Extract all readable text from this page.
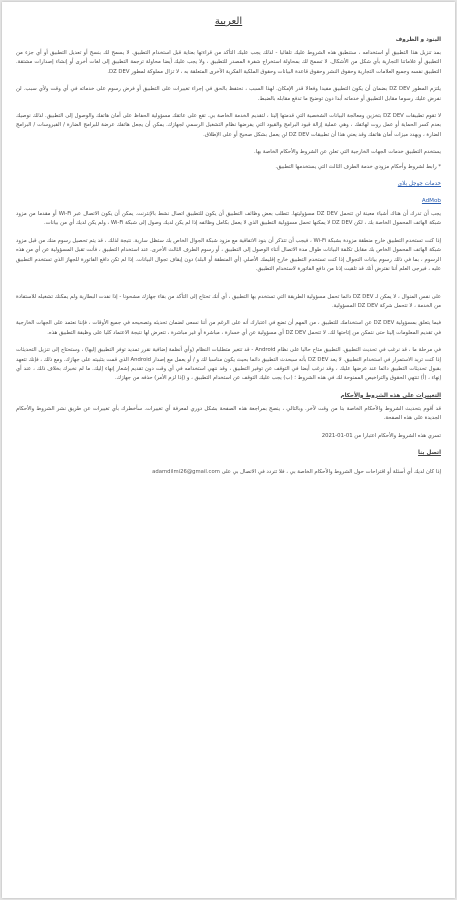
العربية
البنود و الظروف

بمد تنزيل هذا التطبيق أو استخدامه ، ستنطبق هذه الشروط عليك تلقائيا - لذلك يجب عليك التأكد من قراءتها بعناية قبل استخدام التطبيق. لا يسمح لك بنسخ أو تعديل التطبيق أو أي جزء من التطبيق أو علاماتنا التجارية بأي شكل من الأشكال. لا تسمح لك بمحاولة استخراج شفرة المصدر للتطبيق ، ولا يجب عليك أيضا محاولة ترجمة التطبيق إلى لغات أخرى أو إنشاء إصدارات مشتقة. التطبيق نفسه وجميع العلامات التجارية وحقوق النشر وحقوق قاعدة البيانات وحقوق الملكية الفكرية الأخرى المتعلقة به ، لا تزال مملوكة لمطور DZ DEV.

يلتزم المطور DZ DEV بضمان أن يكون التطبيق مفيدا وفعالا قدر الإمكان. لهذا السبب ، نحتفظ بالحق في إجراء تغييرات على التطبيق أو فرض رسوم على خدماته في أي وقت ولأي سبب. لن نفرض عليك رسوما مقابل التطبيق أو خدماته أبدا دون توضيح ما تدفع مقابله بالضبط.

لا تقوم تطبيقات DZ DEV بتخزين ومعالجة البيانات الشخصية التي قدمتها إلينا ، لتقديم الخدمة الخاصة بي. تقع على عاتقك مسؤولية الحفاظ على أمان هاتفك والوصول إلى التطبيق. لذلك نوصيك بعدم كسر الحماية أو عمل روت لهاتفك ، وهي عملية إزالة قيود البرامج والقيود التي يفرضها نظام التشغيل الرسمي لجهازك. يمكن أن يجعل هاتفك عرضة للبرامج الضارة / الفيروسات / البرامج الضارة ، ويهدد ميزات أمان هاتفك وقد يعني هذا أن تطبيقات DZ DEV لن يعمل بشكل صحيح أو على الإطلاق.

يستخدم التطبيق خدمات الجهات الخارجية التي تعلن عن الشروط والأحكام الخاصة بها.

* رابط لشروط وأحكام مزودي خدمة الطرف الثالث التي يستخدمها التطبيق.
خدمات جوجل بلاي
AdMob

يجب أن تدرك أن هناك أشياء معينة لن تتحمل DZ DEV مسؤوليتها. تتطلب بعض وظائف التطبيق أن يكون للتطبيق اتصال نشط بالإنترنت. يمكن أن يكون الاتصال عبر Wi-Fi أو مقدما من مزود شبكة الهاتف المحمول الخاصة بك ، لكن DZ DEV لا يمكنها تحمل مسؤولية التطبيق الذي لا يعمل بكامل وظائفه إذا لم يكن لديك وصول إلى شبكة Wi-Fi ، ولم يكن لديك أي من بيانات.

إذا كنت تستخدم التطبيق خارج منطقة مزودة بشبكة Wi-Fi ، فيجب أن تتذكر أن بنود الاتفاقية مع مزود شبكة الجوال الخاص بك ستظل سارية. نتيجة لذلك ، قد يتم تحصيل رسوم منك من قبل مزود شبكة الهاتف المحمول الخاص بك مقابل تكلفة البيانات طوال مدة الاتصال أثناء الوصول إلى التطبيق ، أو رسوم الطرف الثالث الأخرى. عند استخدام التطبيق ، فأنت تقبل المسؤولية عن أي من هذه الرسوم ، بما في ذلك رسوم بيانات التجوال إذا كنت تستخدم التطبيق خارج إقليمك الأصلي (أي المنطقة أو البلد) دون إيقاف تجوال البيانات. إذا لم تكن دافع الفاتورة للجهاز الذي تستخدم التطبيق عليه ، فيرجى العلم أننا نفترض أنك قد تلقيت إذنا من دافع الفاتورة لاستخدام التطبيق.

على نفس المنوال ، لا يمكن لـ DZ DEV دائما تحمل مسؤولية الطريقة التي تستخدم بها التطبيق ، أي أنك تحتاج إلى التأكد من بقاء جهازك مشحونا - إذا نفدت البطارية ولم يمكنك تشغيله للاستفادة من الخدمة ، لا تتحمل شركة DZ DEV المسؤولية.

فيما يتعلق بمسؤولية DZ DEV عن استخدامك للتطبيق ، من المهم أن تضع في اعتبارك أنه على الرغم من أننا نسعى لضمان تحديثه وتصحيحه في جميع الأوقات ، فإننا نعتمد على الجهات الخارجية في تقديم المعلومات إلينا حتى نتمكن من إتاحتها لك. لا تتحمل DZ DEV أي مسؤولية عن أي خسارة ، مباشرة أو غير مباشرة ، تتعرض لها نتيجة الاعتماد كليا على وظيفة التطبيق هذه.

في مرحلة ما ، قد نرغب في تحديث التطبيق. التطبيق متاح حاليا على نظام Android - قد تتغير متطلبات النظام (وأي أنظمة إضافية نقرر تمديد توفر التطبيق إليها) ، وستحتاج إلى تنزيل التحديثات إذا كنت تريد الاستمرار في استخدام التطبيق. لا يعد DZ DEV بأنه سيحدث التطبيق دائما بحيث يكون مناسبا لك و / أو يعمل مع إصدار Android الذي قمت بتثبيته على جهازك. ومع ذلك ، فإنك تتعهد بقبول تحديثات التطبيق دائما عند عرضها عليك ، وقد نرغب أيضا في التوقف عن توفير التطبيق ، وقد ننهي استخدامه في أي وقت دون تقديم إشعار إنهاء إليك. ما لم نخبرك بخلاف ذلك ، عند أي إنهاء ، (أ) تنتهي الحقوق والتراخيص الممنوحة لك في هذه الشروط ؛ (ب) يجب عليك التوقف عن استخدام التطبيق ، و (إذا لزم الأمر) حذفه من جهازك.

التغييرات على هذه الشروط والأحكام

قد أقوم بتحديث الشروط والأحكام الخاصة بنا من وقت لآخر. وبالتالي ، ينصح بمراجعة هذه الصفحة بشكل دوري لمعرفة أي تغييرات. سأخطرك بأي تغييرات عن طريق نشر الشروط والأحكام الجديدة على هذه الصفحة.

تسري هذه الشروط والأحكام اعتبارا من 01-01-2021

اتصل بنا

إذا كان لديك أي أسئلة أو اقتراحات حول الشروط والأحكام الخاصة بي ، فلا تتردد في الاتصال بي على adamdilmi26@gmail.com
